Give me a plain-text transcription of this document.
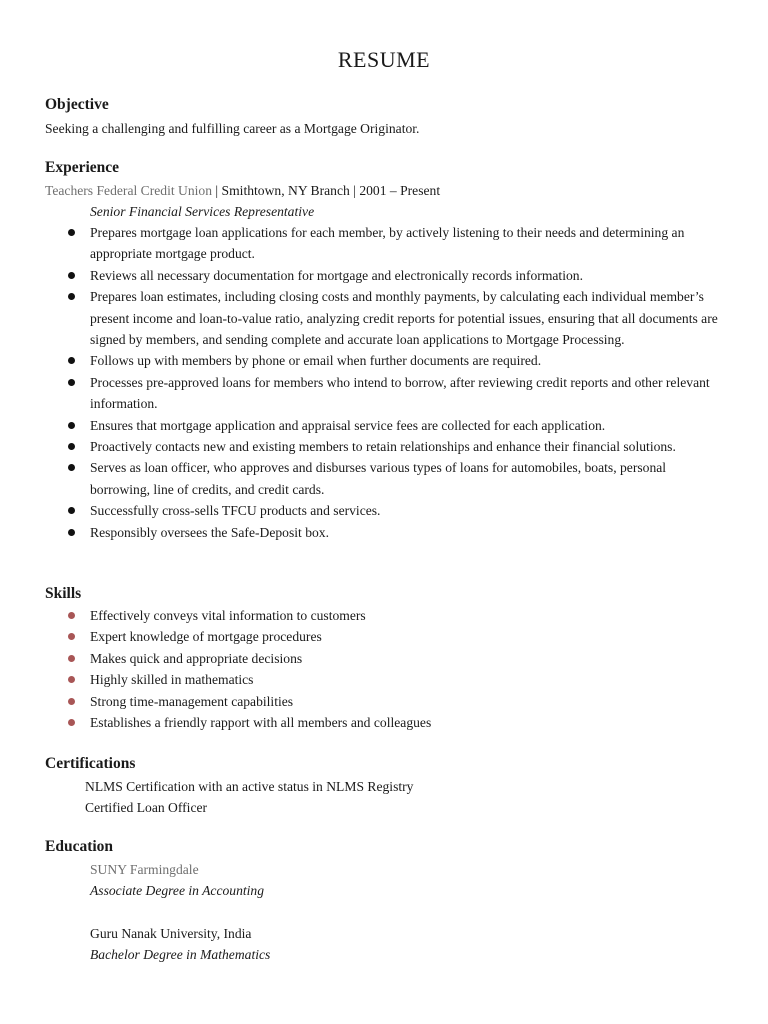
RESUME
Objective
Seeking a challenging and fulfilling career as a Mortgage Originator.
Experience
Teachers Federal Credit Union | Smithtown, NY Branch | 2001 – Present
Senior Financial Services Representative
Prepares mortgage loan applications for each member, by actively listening to their needs and determining an appropriate mortgage product.
Reviews all necessary documentation for mortgage and electronically records information.
Prepares loan estimates, including closing costs and monthly payments, by calculating each individual member’s present income and loan-to-value ratio, analyzing credit reports for potential issues, ensuring that all documents are signed by members, and sending complete and accurate loan applications to Mortgage Processing.
Follows up with members by phone or email when further documents are required.
Processes pre-approved loans for members who intend to borrow, after reviewing credit reports and other relevant information.
Ensures that mortgage application and appraisal service fees are collected for each application.
Proactively contacts new and existing members to retain relationships and enhance their financial solutions.
Serves as loan officer, who approves and disburses various types of loans for automobiles, boats, personal borrowing, line of credits, and credit cards.
Successfully cross-sells TFCU products and services.
Responsibly oversees the Safe-Deposit box.
Skills
Effectively conveys vital information to customers
Expert knowledge of mortgage procedures
Makes quick and appropriate decisions
Highly skilled in mathematics
Strong time-management capabilities
Establishes a friendly rapport with all members and colleagues
Certifications
NLMS Certification with an active status in NLMS Registry
Certified Loan Officer
Education
SUNY Farmingdale
Associate Degree in Accounting
Guru Nanak University, India
Bachelor Degree in Mathematics
